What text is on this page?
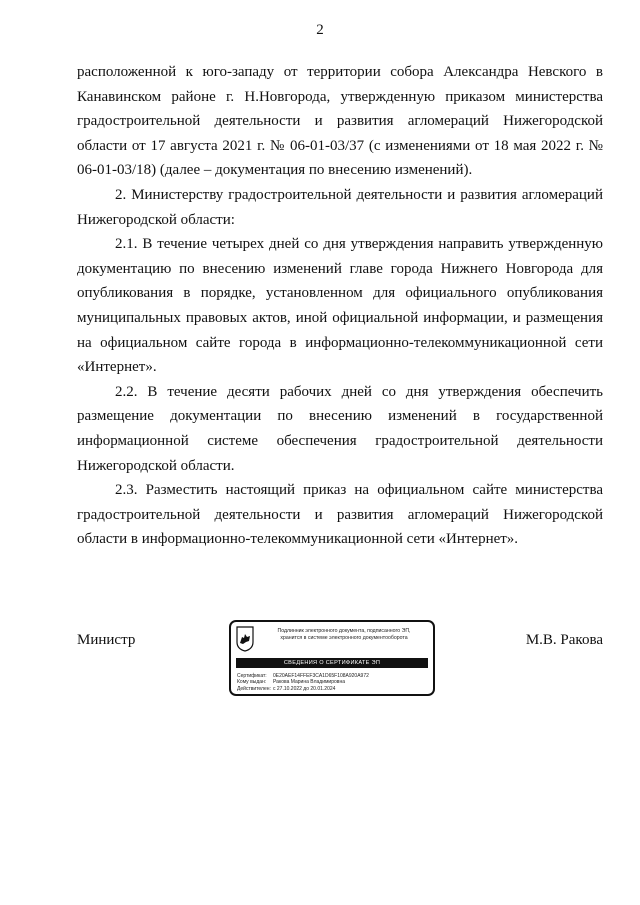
2

расположенной к юго-западу от территории собора Александра Невского в Канавинском районе г. Н.Новгорода, утвержденную приказом министерства градостроительной деятельности и развития агломераций Нижегородской области от 17 августа 2021 г. № 06-01-03/37 (с изменениями от 18 мая 2022 г. № 06-01-03/18) (далее – документация по внесению изменений).

2. Министерству градостроительной деятельности и развития агломераций Нижегородской области:

2.1. В течение четырех дней со дня утверждения направить утвержденную документацию по внесению изменений главе города Нижнего Новгорода для опубликования в порядке, установленном для официального опубликования муниципальных правовых актов, иной официальной информации, и размещения на официальном сайте города в информационно-телекоммуникационной сети «Интернет».

2.2. В течение десяти рабочих дней со дня утверждения обеспечить размещение документации по внесению изменений в государственной информационной системе обеспечения градостроительной деятельности Нижегородской области.

2.3. Разместить настоящий приказ на официальном сайте министерства градостроительной деятельности и развития агломераций Нижегородской области в информационно-телекоммуникационной сети «Интернет».

Министр
Подлинник электронного документа, подписанного ЭП,
хранится в системе электронного документооборота
СВЕДЕНИЯ О СЕРТИФИКАТЕ ЭП
Сертификат: 0E20AEF14FFEF3CA1D65F108A920A972
Кому выдан: Ракова Марина Владимировна
Действителен: с 27.10.2022 до 20.01.2024
М.В. Ракова
